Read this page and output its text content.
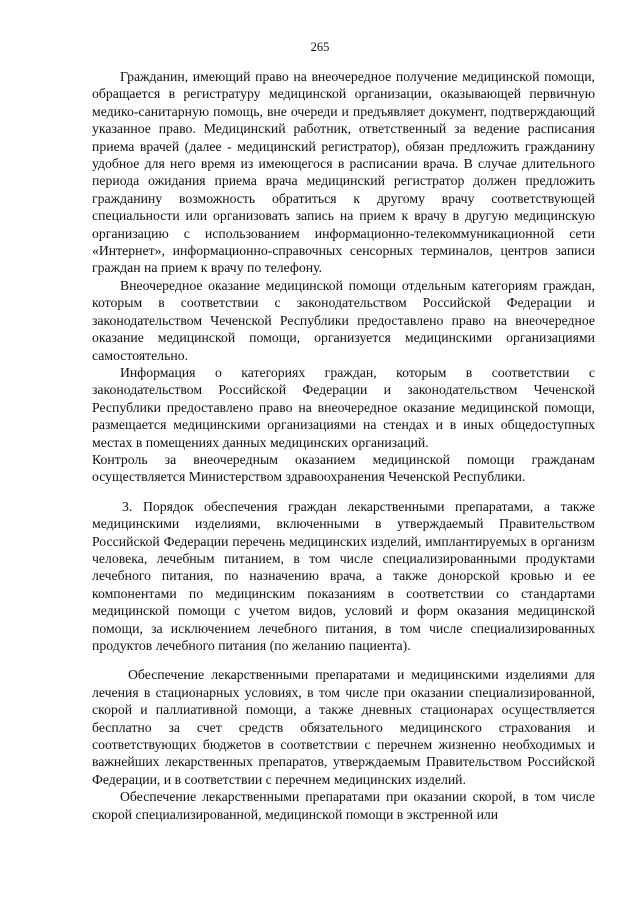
265

Гражданин, имеющий право на внеочередное получение медицинской помощи, обращается в регистратуру медицинской организации, оказывающей первичную медико-санитарную помощь, вне очереди и предъявляет документ, подтверждающий указанное право. Медицинский работник, ответственный за ведение расписания приема врачей (далее - медицинский регистратор), обязан предложить гражданину удобное для него время из имеющегося в расписании врача. В случае длительного периода ожидания приема врача медицинский регистратор должен предложить гражданину возможность обратиться к другому врачу соответствующей специальности или организовать запись на прием к врачу в другую медицинскую организацию с использованием информационно-телекоммуникационной сети «Интернет», информационно-справочных сенсорных терминалов, центров записи граждан на прием к врачу по телефону.

Внеочередное оказание медицинской помощи отдельным категориям граждан, которым в соответствии с законодательством Российской Федерации и законодательством Чеченской Республики предоставлено право на внеочередное оказание медицинской помощи, организуется медицинскими организациями самостоятельно.

Информация о категориях граждан, которым в соответствии с законодательством Российской Федерации и законодательством Чеченской Республики предоставлено право на внеочередное оказание медицинской помощи, размещается медицинскими организациями на стендах и в иных общедоступных местах в помещениях данных медицинских организаций.

Контроль за внеочередным оказанием медицинской помощи гражданам осуществляется Министерством здравоохранения Чеченской Республики.

3. Порядок обеспечения граждан лекарственными препаратами, а также медицинскими изделиями, включенными в утверждаемый Правительством Российской Федерации перечень медицинских изделий, имплантируемых в организм человека, лечебным питанием, в том числе специализированными продуктами лечебного питания, по назначению врача, а также донорской кровью и ее компонентами по медицинским показаниям в соответствии со стандартами медицинской помощи с учетом видов, условий и форм оказания медицинской помощи, за исключением лечебного питания, в том числе специализированных продуктов лечебного питания (по желанию пациента).

Обеспечение лекарственными препаратами и медицинскими изделиями для лечения в стационарных условиях, в том числе при оказании специализированной, скорой и паллиативной помощи, а также дневных стационарах осуществляется бесплатно за счет средств обязательного медицинского страхования и соответствующих бюджетов в соответствии с перечнем жизненно необходимых и важнейших лекарственных препаратов, утверждаемым Правительством Российской Федерации, и в соответствии с перечнем медицинских изделий.

Обеспечение лекарственными препаратами при оказании скорой, в том числе скорой специализированной, медицинской помощи в экстренной или
